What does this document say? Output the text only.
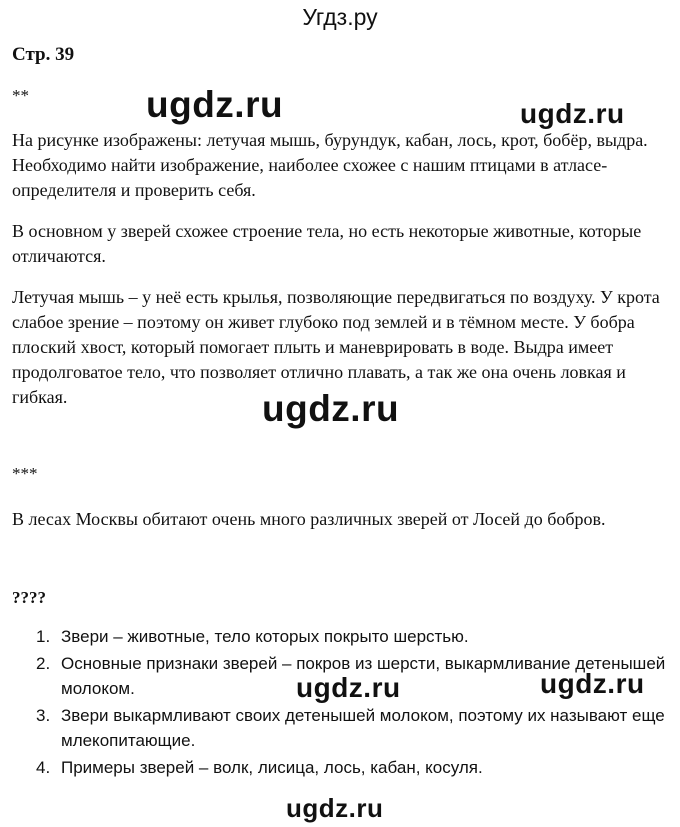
Угдз.ру
Стр. 39
**
На рисунке изображены: летучая мышь, бурундук, кабан, лось, крот, бобёр, выдра. Необходимо найти изображение, наиболее схожее с нашим птицами в атласе-определителя и проверить себя.
В основном у зверей схожее строение тела, но есть некоторые животные, которые отличаются.
Летучая мышь – у неё есть крылья, позволяющие передвигаться по воздуху. У крота слабое зрение – поэтому он живет глубоко под землей и в тёмном месте. У бобра плоский хвост, который помогает плыть и маневрировать в воде. Выдра имеет продолговатое тело, что позволяет отлично плавать, а так же она очень ловкая и гибкая.
***
В лесах Москвы обитают очень много различных зверей от Лосей до бобров.
????
1. Звери – животные, тело которых покрыто шерстью.
2. Основные признаки зверей – покров из шерсти, выкармливание детенышей молоком.
3. Звери выкармливают своих детенышей молоком, поэтому их называют еще млекопитающие.
4. Примеры зверей – волк, лисица, лось, кабан, косуля.
ugdz.ru	ugdz.ru
ugdz.ru
ugdz.ru	ugdz.ru
ugdz.ru
